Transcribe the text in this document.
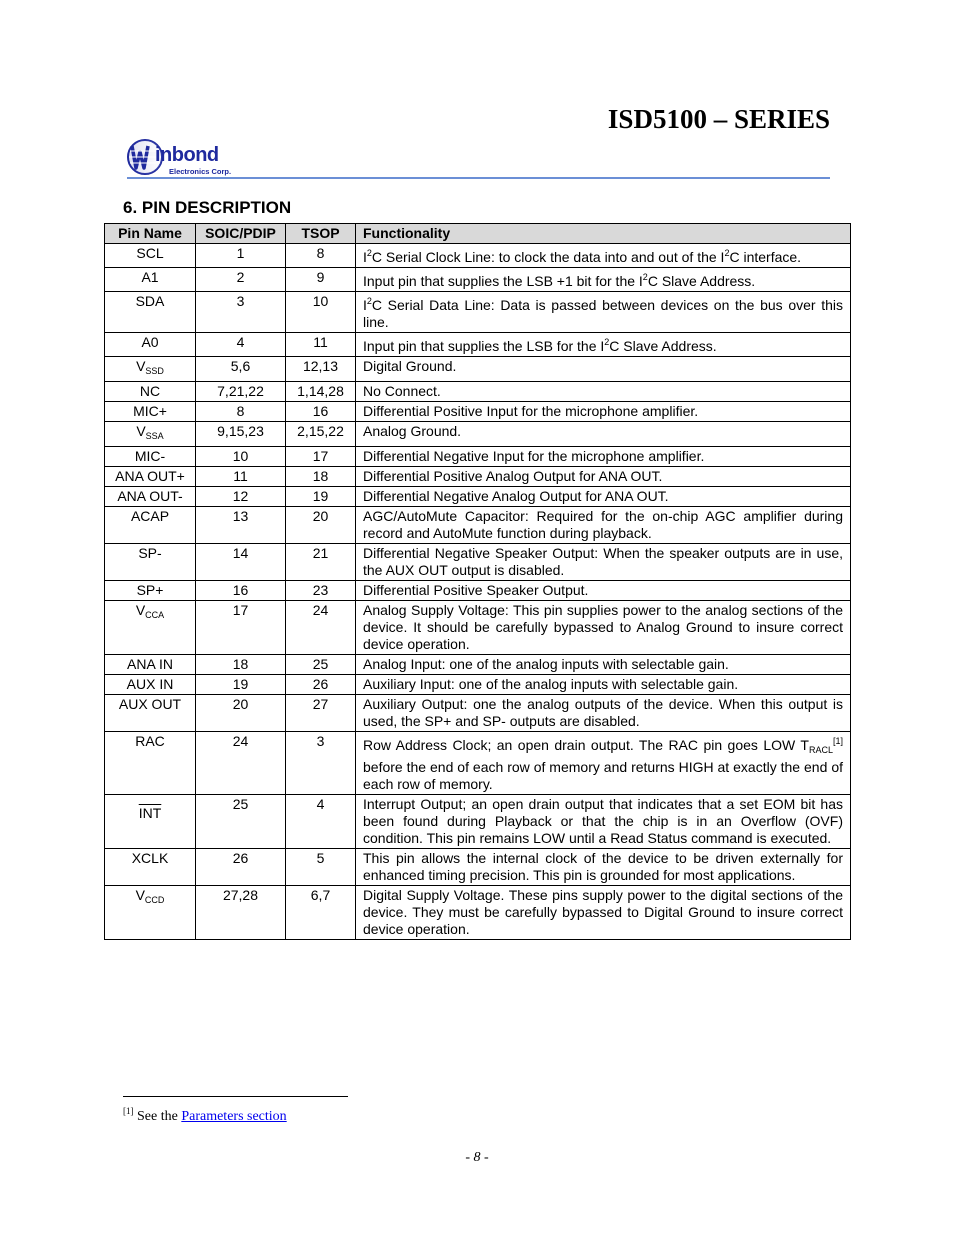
ISD5100 – SERIES
inbond
Electronics Corp.
6. PIN DESCRIPTION
Pin Name	SOIC/PDIP	TSOP	Functionality
SCL	1	8	$I^2C$ Serial Clock Line: to clock the data into and out of the $I^2C$ interface.
A1	2	9	Input pin that supplies the LSB +1 bit for the $I^2C$ Slave Address.
SDA	3	10	$I^2C$ Serial Data Line: Data is passed between devices on the bus over this line.
A0	4	11	Input pin that supplies the LSB for the $I^2C$ Slave Address.
$V_{SSD}$	5,6	12,13	Digital Ground.
NC	7,21,22	1,14,28	No Connect.
MIC+	8	16	Differential Positive Input for the microphone amplifier.
$V_{SSA}$	9,15,23	2,15,22	Analog Ground.
MIC-	10	17	Differential Negative Input for the microphone amplifier.
ANA OUT+	11	18	Differential Positive Analog Output for ANA OUT.
ANA OUT-	12	19	Differential Negative Analog Output for ANA OUT.
ACAP	13	20	AGC/AutoMute Capacitor: Required for the on-chip AGC amplifier during record and AutoMute function during playback.
SP-	14	21	Differential Negative Speaker Output: When the speaker outputs are in use, the AUX OUT output is disabled.
SP+	16	23	Differential Positive Speaker Output.
$V_{CCA}$	17	24	Analog Supply Voltage: This pin supplies power to the analog sections of the device. It should be carefully bypassed to Analog Ground to insure correct device operation.
ANA IN	18	25	Analog Input: one of the analog inputs with selectable gain.
AUX IN	19	26	Auxiliary Input: one of the analog inputs with selectable gain.
AUX OUT	20	27	Auxiliary Output: one the analog outputs of the device. When this output is used, the SP+ and SP- outputs are disabled.
RAC	24	3	Row Address Clock; an open drain output. The RAC pin goes LOW $T_{RACL}[1]$ before the end of each row of memory and returns HIGH at exactly the end of each row of memory.
$\overline{INT}$	25	4	Interrupt Output; an open drain output that indicates that a set EOM bit has been found during Playback or that the chip is in an Overflow (OVF) condition. This pin remains LOW until a Read Status command is executed.
XCLK	26	5	This pin allows the internal clock of the device to be driven externally for enhanced timing precision. This pin is grounded for most applications.
$V_{CCD}$	27,28	6,7	Digital Supply Voltage. These pins supply power to the digital sections of the device. They must be carefully bypassed to Digital Ground to insure correct device operation.
[1] See the Parameters section
- 8 -
